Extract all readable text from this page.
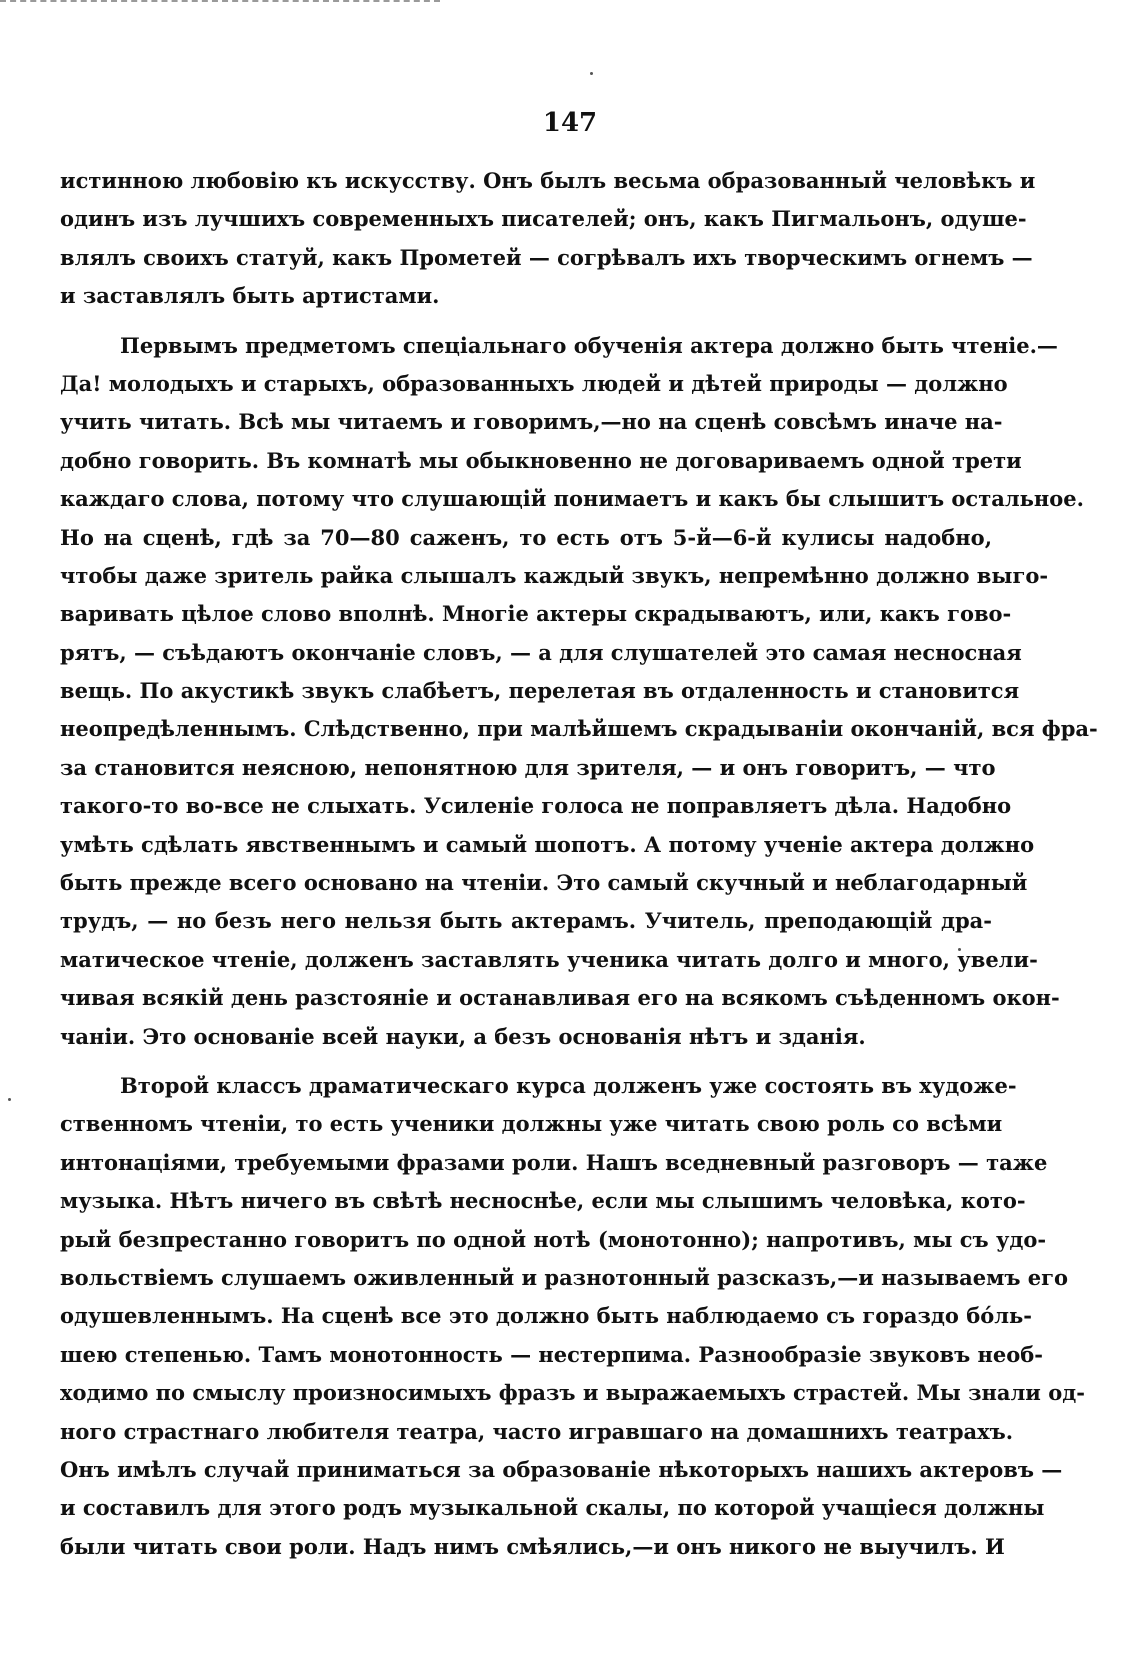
147
истинною любовію къ искусству. Онъ былъ весьма образованный человѣкъ и
одинъ изъ лучшихъ современныхъ писателей; онъ, какъ Пигмальонъ, одуше-
влялъ своихъ статуй, какъ Прометей — согрѣвалъ ихъ творческимъ огнемъ —
и заставлялъ быть артистами.
Первымъ предметомъ спеціальнаго обученія актера должно быть чтеніе.—
Да! молодыхъ и старыхъ, образованныхъ людей и дѣтей природы — должно
учить читать. Всѣ мы читаемъ и говоримъ,—но на сценѣ совсѣмъ иначе на-
добно говорить. Въ комнатѣ мы обыкновенно не договариваемъ одной трети
каждаго слова, потому что слушающій понимаетъ и какъ бы слышитъ остальное.
Но на сценѣ, гдѣ за 70—80 саженъ, то есть отъ 5-й—6-й кулисы надобно,
чтобы даже зритель райка слышалъ каждый звукъ, непремѣнно должно выго-
варивать цѣлое слово вполнѣ. Многіе актеры скрадываютъ, или, какъ гово-
рятъ, — съѣдаютъ окончаніе словъ, — а для слушателей это самая несносная
вещь. По акустикѣ звукъ слабѣетъ, перелетая въ отдаленность и становится
неопредѣленнымъ. Слѣдственно, при малѣйшемъ скрадываніи окончаній, вся фра-
за становится неясною, непонятною для зрителя, — и онъ говоритъ, — что
такого-то во-все не слыхать. Усиленіе голоса не поправляетъ дѣла. Надобно
умѣть сдѣлать явственнымъ и самый шопотъ. А потому ученіе актера должно
быть прежде всего основано на чтеніи. Это самый скучный и неблагодарный
трудъ, — но безъ него нельзя быть актерамъ. Учитель, преподающій дра-
матическое чтеніе, долженъ заставлять ученика читать долго и много, увели-
чивая всякій день разстояніе и останавливая его на всякомъ съѣденномъ окон-
чаніи. Это основаніе всей науки, а безъ основанія нѣтъ и зданія.
Второй классъ драматическаго курса долженъ уже состоять въ художе-
ственномъ чтеніи, то есть ученики должны уже читать свою роль со всѣми
интонаціями, требуемыми фразами роли. Нашъ вседневный разговоръ — таже
музыка. Нѣтъ ничего въ свѣтѣ несноснѣе, если мы слышимъ человѣка, кото-
рый безпрестанно говоритъ по одной нотѣ (монотонно); напротивъ, мы съ удо-
вольствіемъ слушаемъ оживленный и разнотонный разсказъ,—и называемъ его
одушевленнымъ. На сценѣ все это должно быть наблюдаемо съ гораздо бóль-
шею степенью. Тамъ монотонность — нестерпима. Разнообразіе звуковъ необ-
ходимо по смыслу произносимыхъ фразъ и выражаемыхъ страстей. Мы знали од-
ного страстнаго любителя театра, часто игравшаго на домашнихъ театрахъ.
Онъ имѣлъ случай приниматься за образованіе нѣкоторыхъ нашихъ актеровъ —
и составилъ для этого родъ музыкальной скалы, по которой учащіеся должны
были читать свои роли. Надъ нимъ смѣялись,—и онъ никого не выучилъ. И
